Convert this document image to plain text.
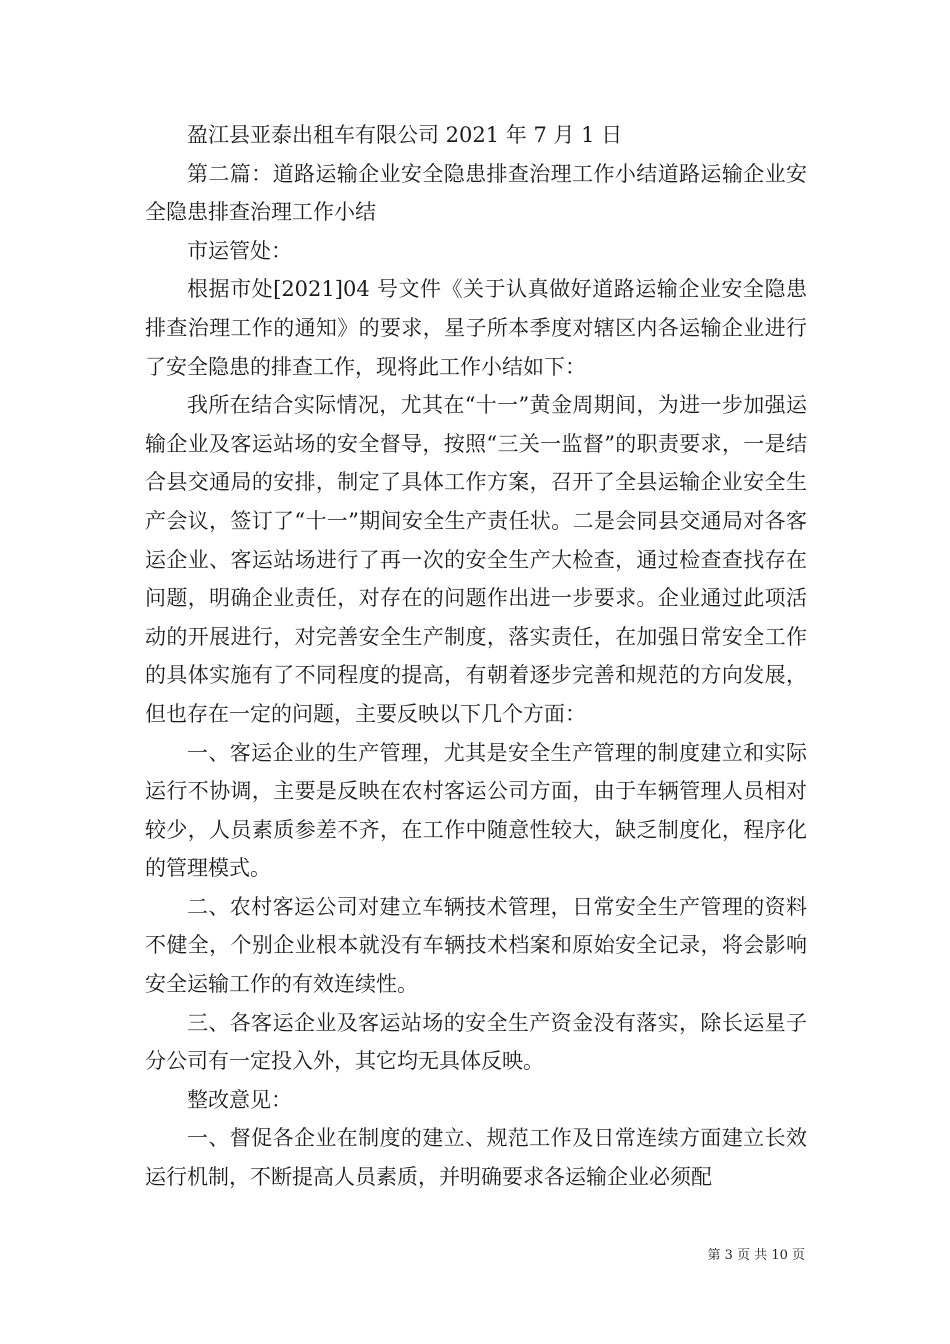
盈江县亚泰出租车有限公司 2021 年 7 月 1 日

第二篇：道路运输企业安全隐患排查治理工作小结道路运输企业安全隐患排查治理工作小结

市运管处：

根据市处[2021]04 号文件《关于认真做好道路运输企业安全隐患排查治理工作的通知》的要求，星子所本季度对辖区内各运输企业进行了安全隐患的排查工作，现将此工作小结如下：

我所在结合实际情况，尤其在“十一”黄金周期间，为进一步加强运输企业及客运站场的安全督导，按照“三关一监督”的职责要求，一是结合县交通局的安排，制定了具体工作方案，召开了全县运输企业安全生产会议，签订了“十一”期间安全生产责任状。二是会同县交通局对各客运企业、客运站场进行了再一次的安全生产大检查，通过检查查找存在问题，明确企业责任，对存在的问题作出进一步要求。企业通过此项活动的开展进行，对完善安全生产制度，落实责任，在加强日常安全工作的具体实施有了不同程度的提高，有朝着逐步完善和规范的方向发展，但也存在一定的问题，主要反映以下几个方面：

一、客运企业的生产管理，尤其是安全生产管理的制度建立和实际运行不协调，主要是反映在农村客运公司方面，由于车辆管理人员相对较少，人员素质参差不齐，在工作中随意性较大，缺乏制度化，程序化的管理模式。

二、农村客运公司对建立车辆技术管理，日常安全生产管理的资料不健全，个别企业根本就没有车辆技术档案和原始安全记录，将会影响安全运输工作的有效连续性。

三、各客运企业及客运站场的安全生产资金没有落实，除长运星子分公司有一定投入外，其它均无具体反映。

整改意见：

一、督促各企业在制度的建立、规范工作及日常连续方面建立长效运行机制，不断提高人员素质，并明确要求各运输企业必须配

第 3 页 共 10 页
